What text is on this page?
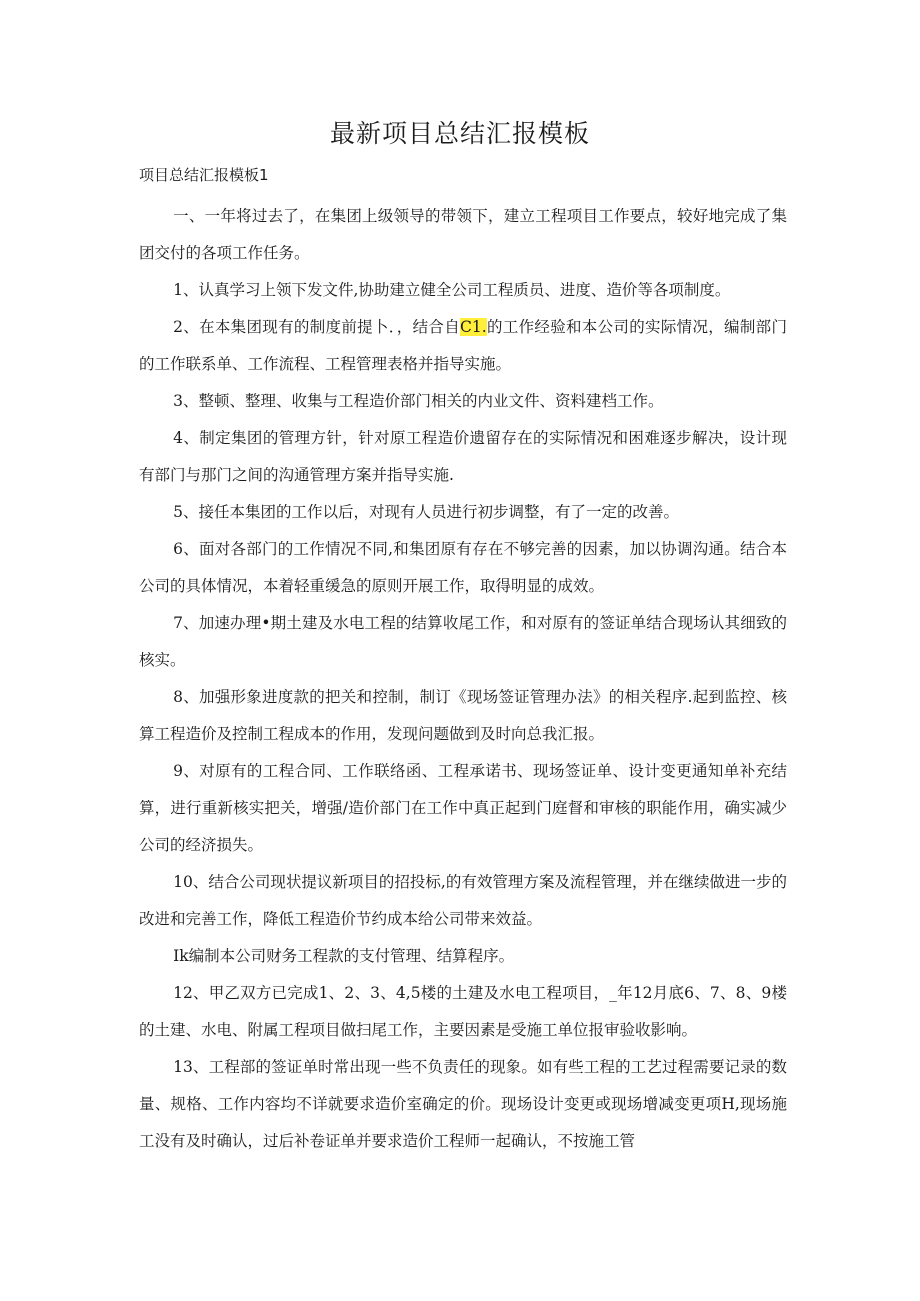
最新项目总结汇报模板

项目总结汇报模板1

一、一年将过去了，在集团上级领导的带领下，建立工程项目工作要点，较好地完成了集团交付的各项工作任务。

1、认真学习上领下发文件,协助建立健全公司工程质员、进度、造价等各项制度。

2、在本集团现有的制度前提卜．，结合自C1.的工作经验和本公司的实际情况，编制部门的工作联系单、工作流程、工程管理表格并指导实施。

3、整顿、整理、收集与工程造价部门相关的内业文件、资料建档工作。

4、制定集团的管理方针，针对原工程造价遗留存在的实际情况和困难逐步解决，设计现有部门与那门之间的沟通管理方案并指导实施.

5、接任本集团的工作以后，对现有人员进行初步调整，有了一定的改善。

6、面对各部门的工作情况不同,和集团原有存在不够完善的因素，加以协调沟通。结合本公司的具体情况，本着轻重缓急的原则开展工作，取得明显的成效。

7、加速办理•期土建及水电工程的结算收尾工作，和对原有的签证单结合现场认其细致的核实。

8、加强形象进度款的把关和控制，制订《现场签证管理办法》的相关程序.起到监控、核算工程造价及控制工程成本的作用，发现问题做到及时向总我汇报。

9、对原有的工程合同、工作联络函、工程承诺书、现场签证单、设计变更通知单补充结算，进行重新核实把关，增强/造价部门在工作中真正起到门庭督和审核的职能作用，确实减少公司的经济损失。

10、结合公司现状提议新项目的招投标,的有效管理方案及流程管理，并在继续做进一步的改进和完善工作，降低工程造价节约成本给公司带来效益。

Ik编制本公司财务工程款的支付管理、结算程序。

12、甲乙双方已完成1、2、3、4,5楼的土建及水电工程项目，_年12月底6、7、8、9楼的土建、水电、附属工程项目做扫尾工作，主要因素是受施工单位报审验收影响。

13、工程部的签证单时常出现一些不负责任的现象。如有些工程的工艺过程需要记录的数量、规格、工作内容均不详就要求造价室确定的价。现场设计变更或现场增减变更项H,现场施工没有及时确认，过后补卷证单并要求造价工程师一起确认，不按施工管
